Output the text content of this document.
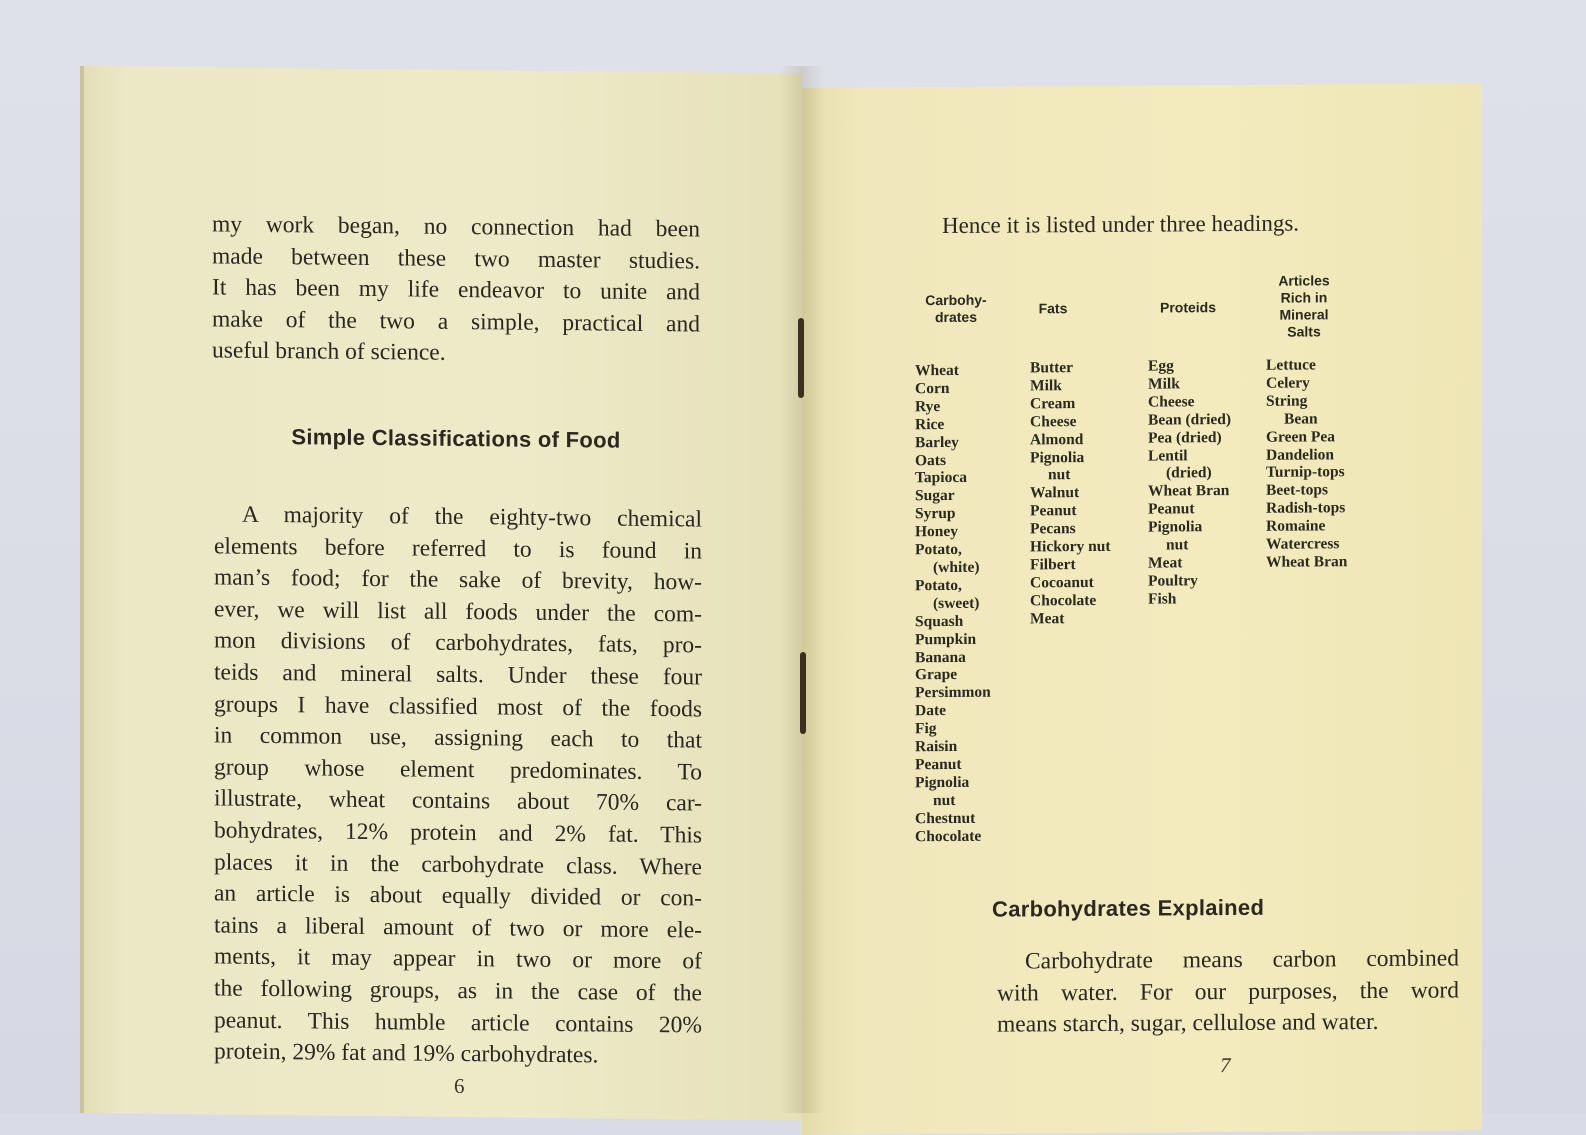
my work began, no connection had been

made between these two master studies.

It has been my life endeavor to unite and

make of the two a simple, practical and

useful branch of science.

Simple Classifications of Food

A majority of the eighty-two chemical

elements before referred to is found in

man’s food; for the sake of brevity, how-

ever, we will list all foods under the com-

mon divisions of carbohydrates, fats, pro-

teids and mineral salts. Under these four

groups I have classified most of the foods

in common use, assigning each to that

group whose element predominates. To

illustrate, wheat contains about 70% car-

bohydrates, 12% protein and 2% fat. This

places it in the carbohydrate class. Where

an article is about equally divided or con-

tains a liberal amount of two or more ele-

ments, it may appear in two or more of

the following groups, as in the case of the

peanut. This humble article contains 20%

protein, 29% fat and 19% carbohydrates.

6
Hence it is listed under three headings.
Carbohy-
drates
Fats	Proteids
Articles
Rich in
Mineral
Salts
Wheat
Corn
Rye
Rice
Barley
Oats
Tapioca
Sugar
Syrup
Honey
Potato,
(white)
Potato,
(sweet)
Squash
Pumpkin
Banana
Grape
Persimmon
Date
Fig
Raisin
Peanut
Pignolia
nut
Chestnut
Chocolate
Butter
Milk
Cream
Cheese
Almond
Pignolia
nut
Walnut
Peanut
Pecans
Hickory nut
Filbert
Cocoanut
Chocolate
Meat
Egg
Milk
Cheese
Bean (dried)
Pea (dried)
Lentil
(dried)
Wheat Bran
Peanut
Pignolia
nut
Meat
Poultry
Fish
Lettuce
Celery
String
Bean
Green Pea
Dandelion
Turnip-tops
Beet-tops
Radish-tops
Romaine
Watercress
Wheat Bran
Carbohydrates Explained

Carbohydrate means carbon combined

with water. For our purposes, the word

means starch, sugar, cellulose and water.

7
